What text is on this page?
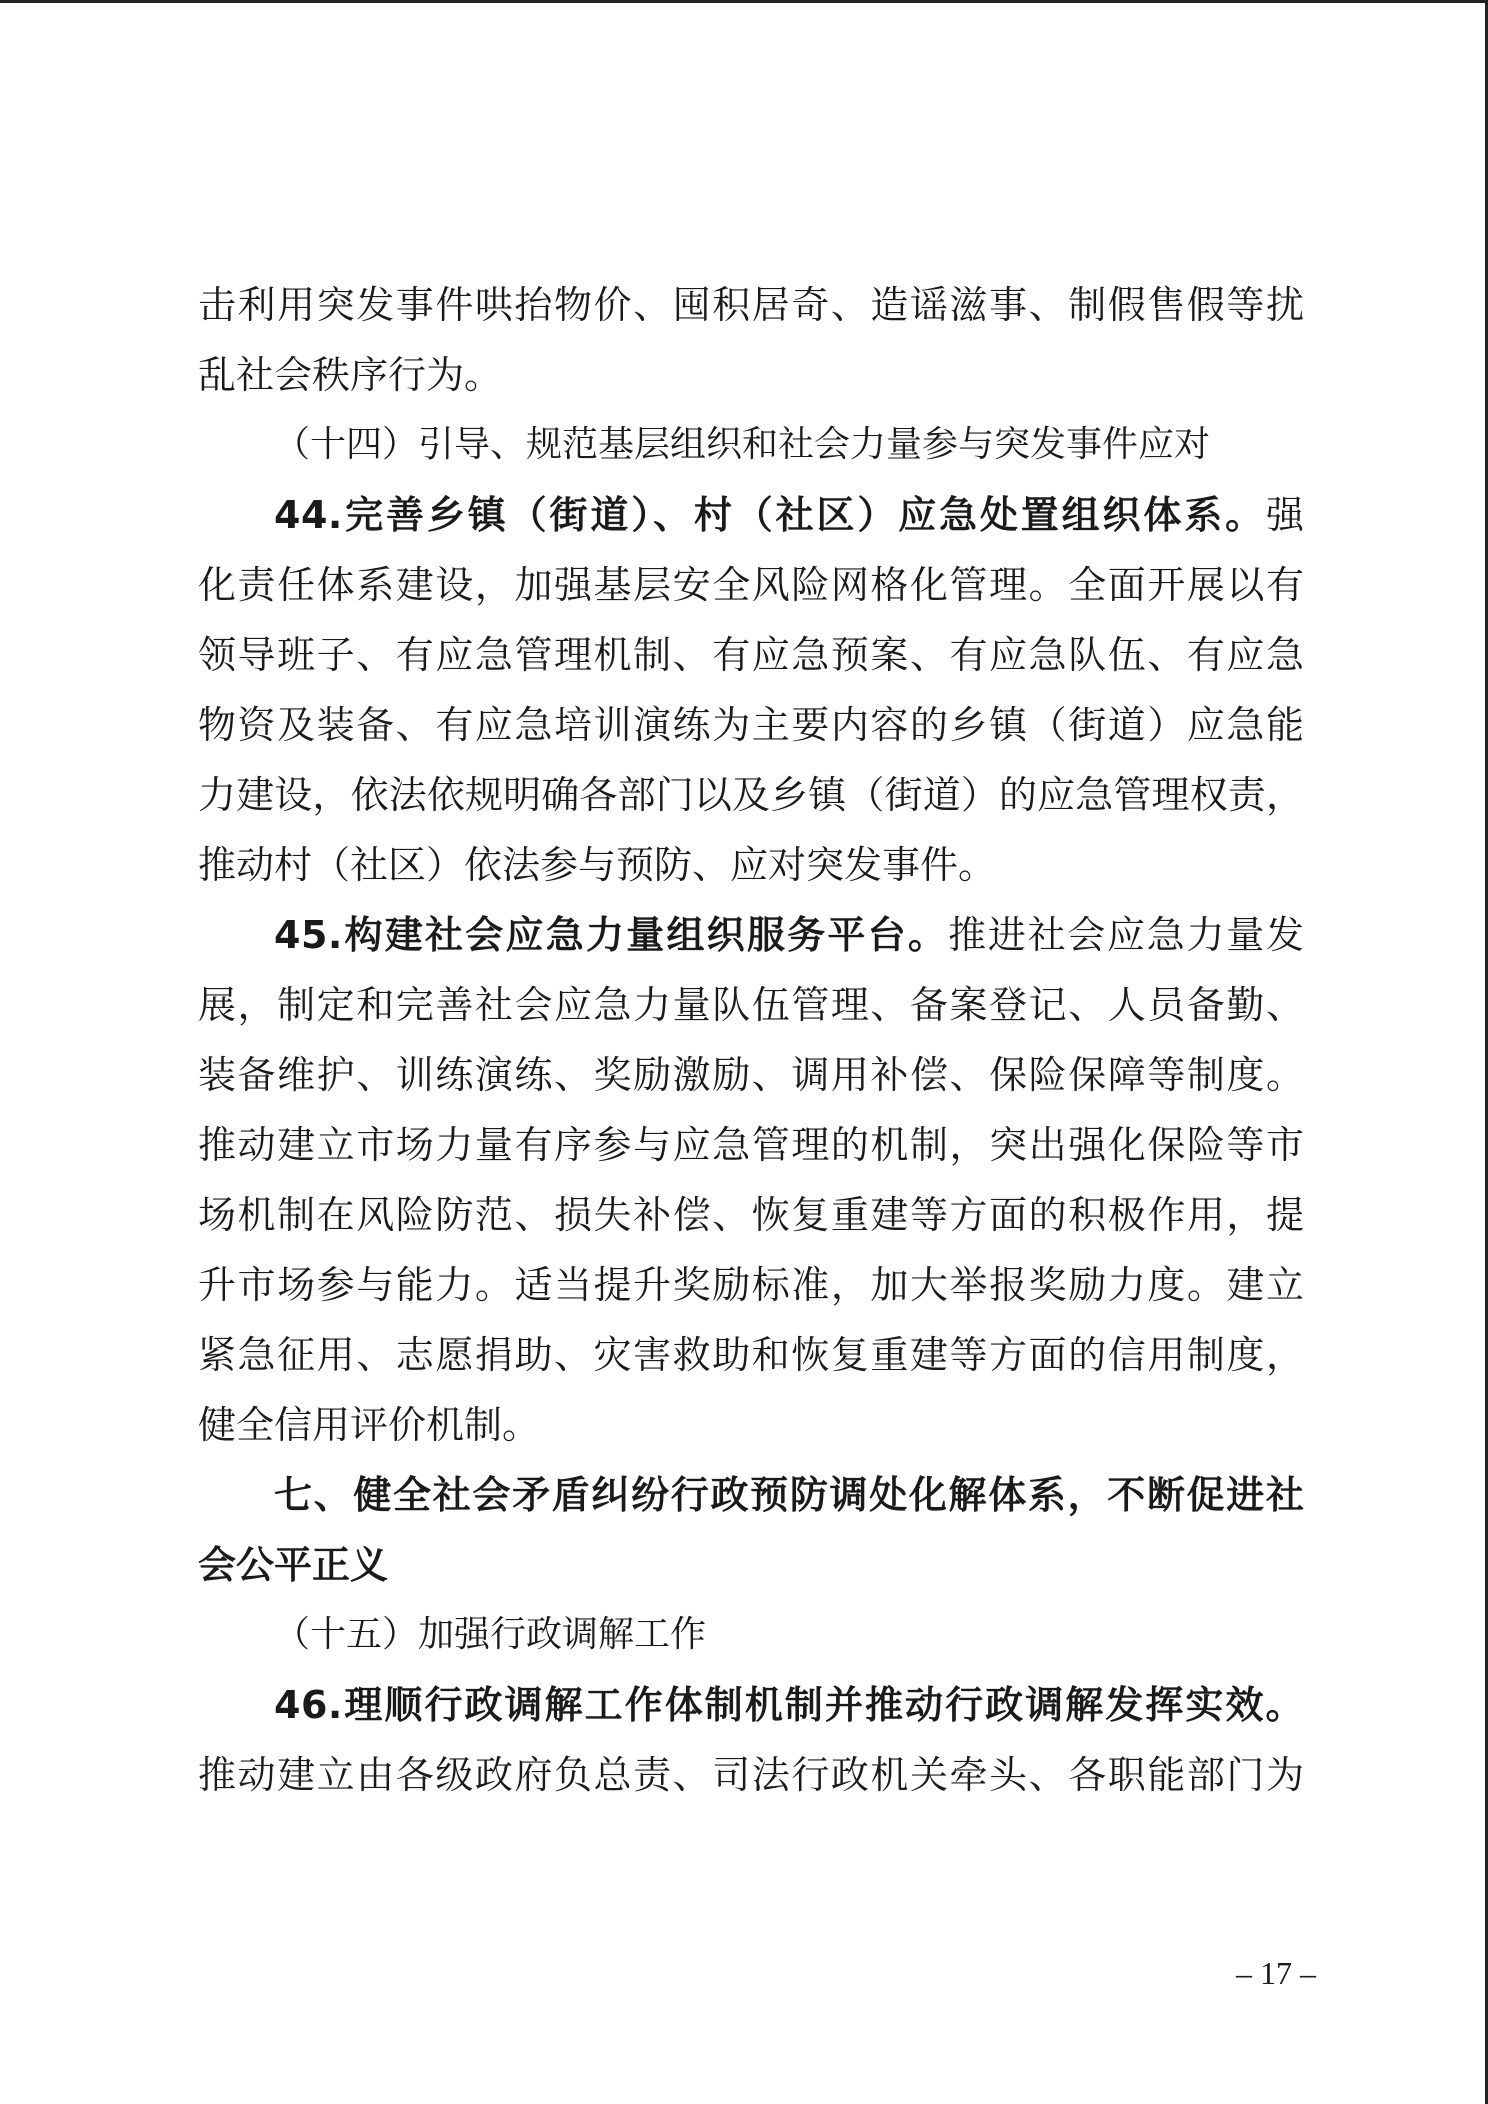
击利用突发事件哄抬物价、囤积居奇、造谣滋事、制假售假等扰
乱社会秩序行为。
（十四）引导、规范基层组织和社会力量参与突发事件应对
44.完善乡镇（街道）、村（社区）应急处置组织体系。强
化责任体系建设，加强基层安全风险网格化管理。全面开展以有
领导班子、有应急管理机制、有应急预案、有应急队伍、有应急
物资及装备、有应急培训演练为主要内容的乡镇（街道）应急能
力建设，依法依规明确各部门以及乡镇（街道）的应急管理权责，
推动村（社区）依法参与预防、应对突发事件。
45.构建社会应急力量组织服务平台。推进社会应急力量发
展，制定和完善社会应急力量队伍管理、备案登记、人员备勤、
装备维护、训练演练、奖励激励、调用补偿、保险保障等制度。
推动建立市场力量有序参与应急管理的机制，突出强化保险等市
场机制在风险防范、损失补偿、恢复重建等方面的积极作用，提
升市场参与能力。适当提升奖励标准，加大举报奖励力度。建立
紧急征用、志愿捐助、灾害救助和恢复重建等方面的信用制度，
健全信用评价机制。
七、健全社会矛盾纠纷行政预防调处化解体系，不断促进社
会公平正义
（十五）加强行政调解工作
46.理顺行政调解工作体制机制并推动行政调解发挥实效。
推动建立由各级政府负总责、司法行政机关牵头、各职能部门为
– 17 –
